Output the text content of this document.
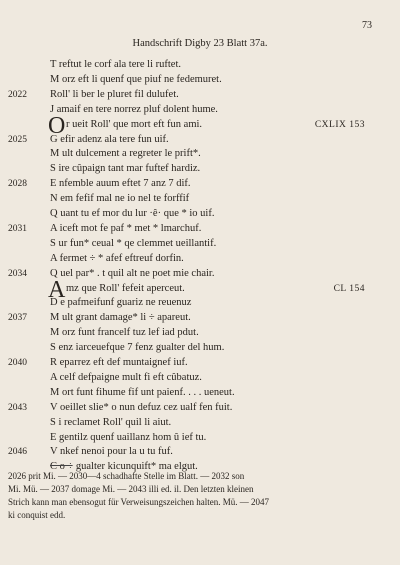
73
Handschrift Digby 23 Blatt 37a.
T reftut le corf ala tere li ruftet.
M orz eft li quenf que piuf ne fedemuret.
2022	Roll' li ber le pluret fil dulufet.
J amaif en tere norrez pluf dolent hume.
O r ueit Roll' que mort eft fun ami.	CXLIX 153
2025	G efir adenz ala tere fun uif.
M ult dulcement a regreter le prift*.
S ire cûpaign tant mar fuftef hardiz.
2028	E nfemble auum eftet 7 anz 7 dif.
N em fefif mal ne io nel te forffif
Q uant tu ef mor du lur ·ê· que * io uif.
2031	A iceft mot fe paf * met * lmarchuf.
S ur fun* ceual * qe clemmet ueillantif.
A fermet ÷ * afef eftreuf dorfin.
2034	Q uel par* . t quil alt ne poet mie chair.
A mz que Roll' fefeit aperceut.	CL 154
D e pafmeifunf guariz ne reuenuz
2037	M ult grant damage* li ÷ apareut.
M orz funt francelf tuz lef iad pdut.
S enz iarceuefque 7 fenz gualter del hum.
2040	R eparrez eft def muntaignef iuf.
A celf defpaigne mult fi eft cûbatuz.
M ort funt fihume fif unt paienf. . . . ueneut.
2043	V oeillet slie* o nun defuz cez ualf fen fuit.
S i reclamet Roll' quil li aiut.
E gentilz quenf uaillanz hom û ief tu.
2046	V nkef nenoi pour la u tu fuf.
C o ÷ gualter kicunquift* ma elgut.

2026 prit Mi. — 2030—4 schadhafte Stelle im Blatt. — 2032 son

Mi. Mü. — 2037 domage Mi. — 2043 illi ed. il. Den letzten kleinen

Strich kann man ebensogut für Verweisungszeichen halten. Mü. — 2047

ki conquist edd.
